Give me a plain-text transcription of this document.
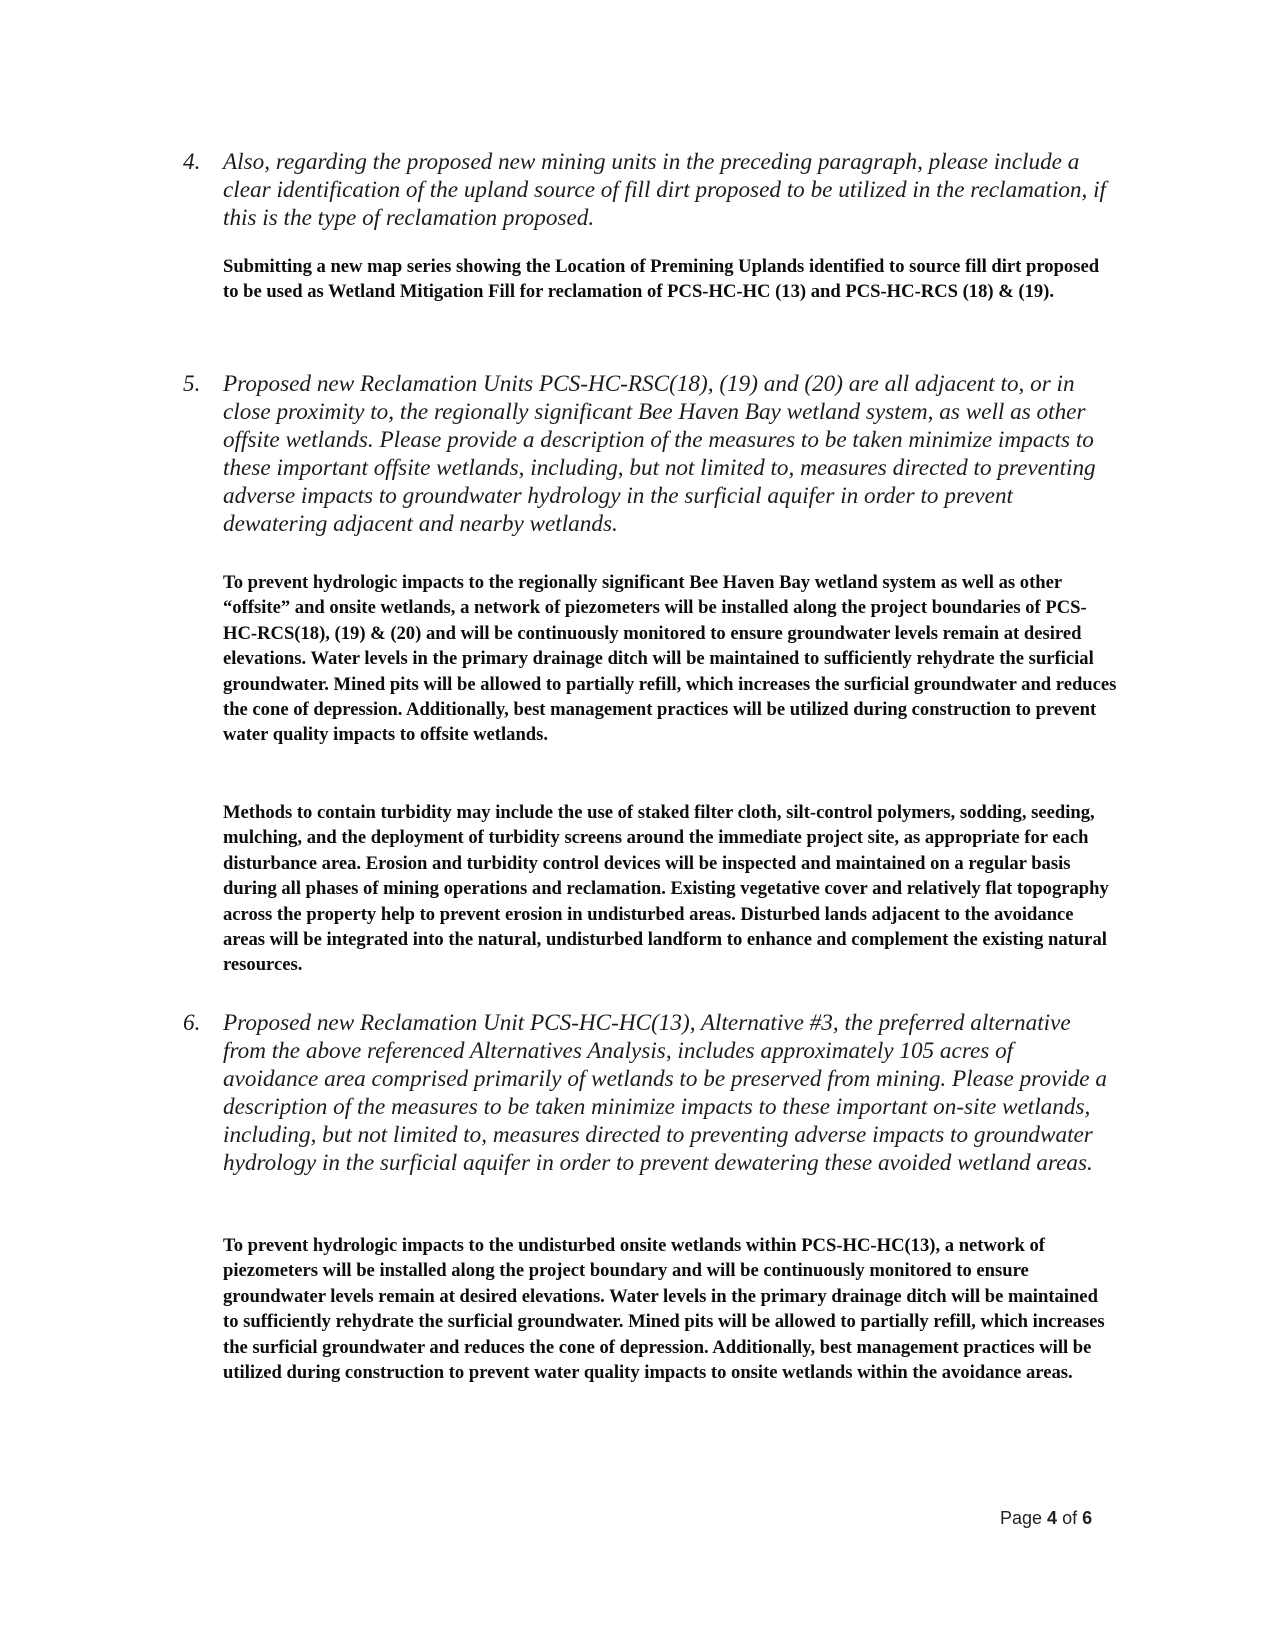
4. Also, regarding the proposed new mining units in the preceding paragraph, please include a clear identification of the upland source of fill dirt proposed to be utilized in the reclamation, if this is the type of reclamation proposed.
Submitting a new map series showing the Location of Premining Uplands identified to source fill dirt proposed to be used as Wetland Mitigation Fill for reclamation of PCS-HC-HC (13) and PCS-HC-RCS (18) & (19).
5. Proposed new Reclamation Units PCS-HC-RSC(18), (19) and (20) are all adjacent to, or in close proximity to, the regionally significant Bee Haven Bay wetland system, as well as other offsite wetlands. Please provide a description of the measures to be taken minimize impacts to these important offsite wetlands, including, but not limited to, measures directed to preventing adverse impacts to groundwater hydrology in the surficial aquifer in order to prevent dewatering adjacent and nearby wetlands.
To prevent hydrologic impacts to the regionally significant Bee Haven Bay wetland system as well as other “offsite” and onsite wetlands, a network of piezometers will be installed along the project boundaries of PCS-HC-RCS(18), (19) & (20) and will be continuously monitored to ensure groundwater levels remain at desired elevations. Water levels in the primary drainage ditch will be maintained to sufficiently rehydrate the surficial groundwater. Mined pits will be allowed to partially refill, which increases the surficial groundwater and reduces the cone of depression. Additionally, best management practices will be utilized during construction to prevent water quality impacts to offsite wetlands.
Methods to contain turbidity may include the use of staked filter cloth, silt-control polymers, sodding, seeding, mulching, and the deployment of turbidity screens around the immediate project site, as appropriate for each disturbance area. Erosion and turbidity control devices will be inspected and maintained on a regular basis during all phases of mining operations and reclamation. Existing vegetative cover and relatively flat topography across the property help to prevent erosion in undisturbed areas. Disturbed lands adjacent to the avoidance areas will be integrated into the natural, undisturbed landform to enhance and complement the existing natural resources.
6. Proposed new Reclamation Unit PCS-HC-HC(13), Alternative #3, the preferred alternative from the above referenced Alternatives Analysis, includes approximately 105 acres of avoidance area comprised primarily of wetlands to be preserved from mining. Please provide a description of the measures to be taken minimize impacts to these important on-site wetlands, including, but not limited to, measures directed to preventing adverse impacts to groundwater hydrology in the surficial aquifer in order to prevent dewatering these avoided wetland areas.
To prevent hydrologic impacts to the undisturbed onsite wetlands within PCS-HC-HC(13), a network of piezometers will be installed along the project boundary and will be continuously monitored to ensure groundwater levels remain at desired elevations. Water levels in the primary drainage ditch will be maintained to sufficiently rehydrate the surficial groundwater. Mined pits will be allowed to partially refill, which increases the surficial groundwater and reduces the cone of depression. Additionally, best management practices will be utilized during construction to prevent water quality impacts to onsite wetlands within the avoidance areas.
Page 4 of 6
